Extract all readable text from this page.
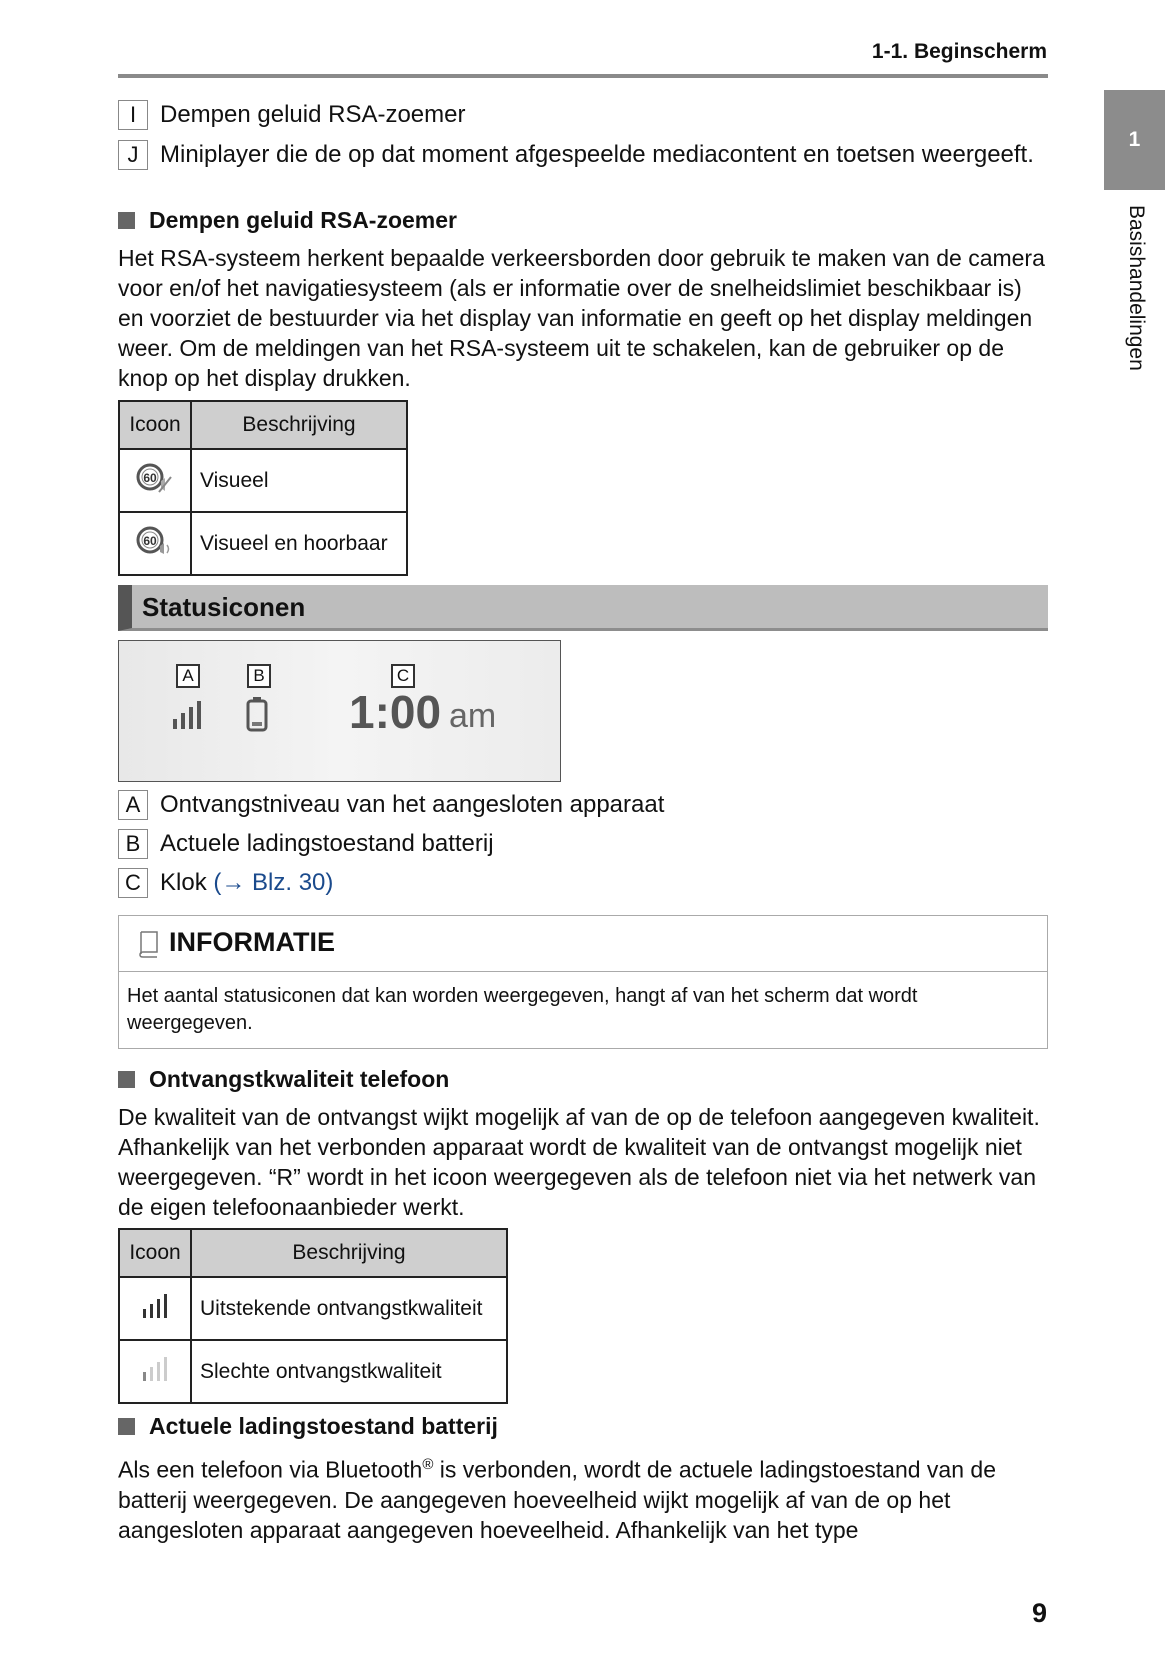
1-1. Beginscherm
1
Basishandelingen
I Dempen geluid RSA-zoemer
J Miniplayer die de op dat moment afgespeelde mediacontent en toetsen weergeeft.
Dempen geluid RSA-zoemer
Het RSA-systeem herkent bepaalde verkeersborden door gebruik te maken van de camera voor en/of het navigatiesysteem (als er informatie over de snelheidslimiet beschikbaar is) en voorziet de bestuurder via het display van informatie en geeft op het display meldingen weer. Om de meldingen van het RSA-systeem uit te schakelen, kan de gebruiker op de knop op het display drukken.
Icoon	Beschrijving

60	Visueel

60	Visueel en hoorbaar
Statusiconen
A	B	C
1:00 am
A Ontvangstniveau van het aangesloten apparaat
B Actuele ladingstoestand batterij
C Klok (→ Blz. 30)
INFORMATIE
Het aantal statusiconen dat kan worden weergegeven, hangt af van het scherm dat wordt weergegeven.
Ontvangstkwaliteit telefoon
De kwaliteit van de ontvangst wijkt mogelijk af van de op de telefoon aangegeven kwaliteit. Afhankelijk van het verbonden apparaat wordt de kwaliteit van de ontvangst mogelijk niet weergegeven. “R” wordt in het icoon weergegeven als de telefoon niet via het netwerk van de eigen telefoonaanbieder werkt.
Icoon	Beschrijving
	Uitstekende ontvangstkwaliteit
	Slechte ontvangstkwaliteit
Actuele ladingstoestand batterij
Als een telefoon via Bluetooth® is verbonden, wordt de actuele ladingstoestand van de batterij weergegeven. De aangegeven hoeveelheid wijkt mogelijk af van de op het aangesloten apparaat aangegeven hoeveelheid. Afhankelijk van het type
9
